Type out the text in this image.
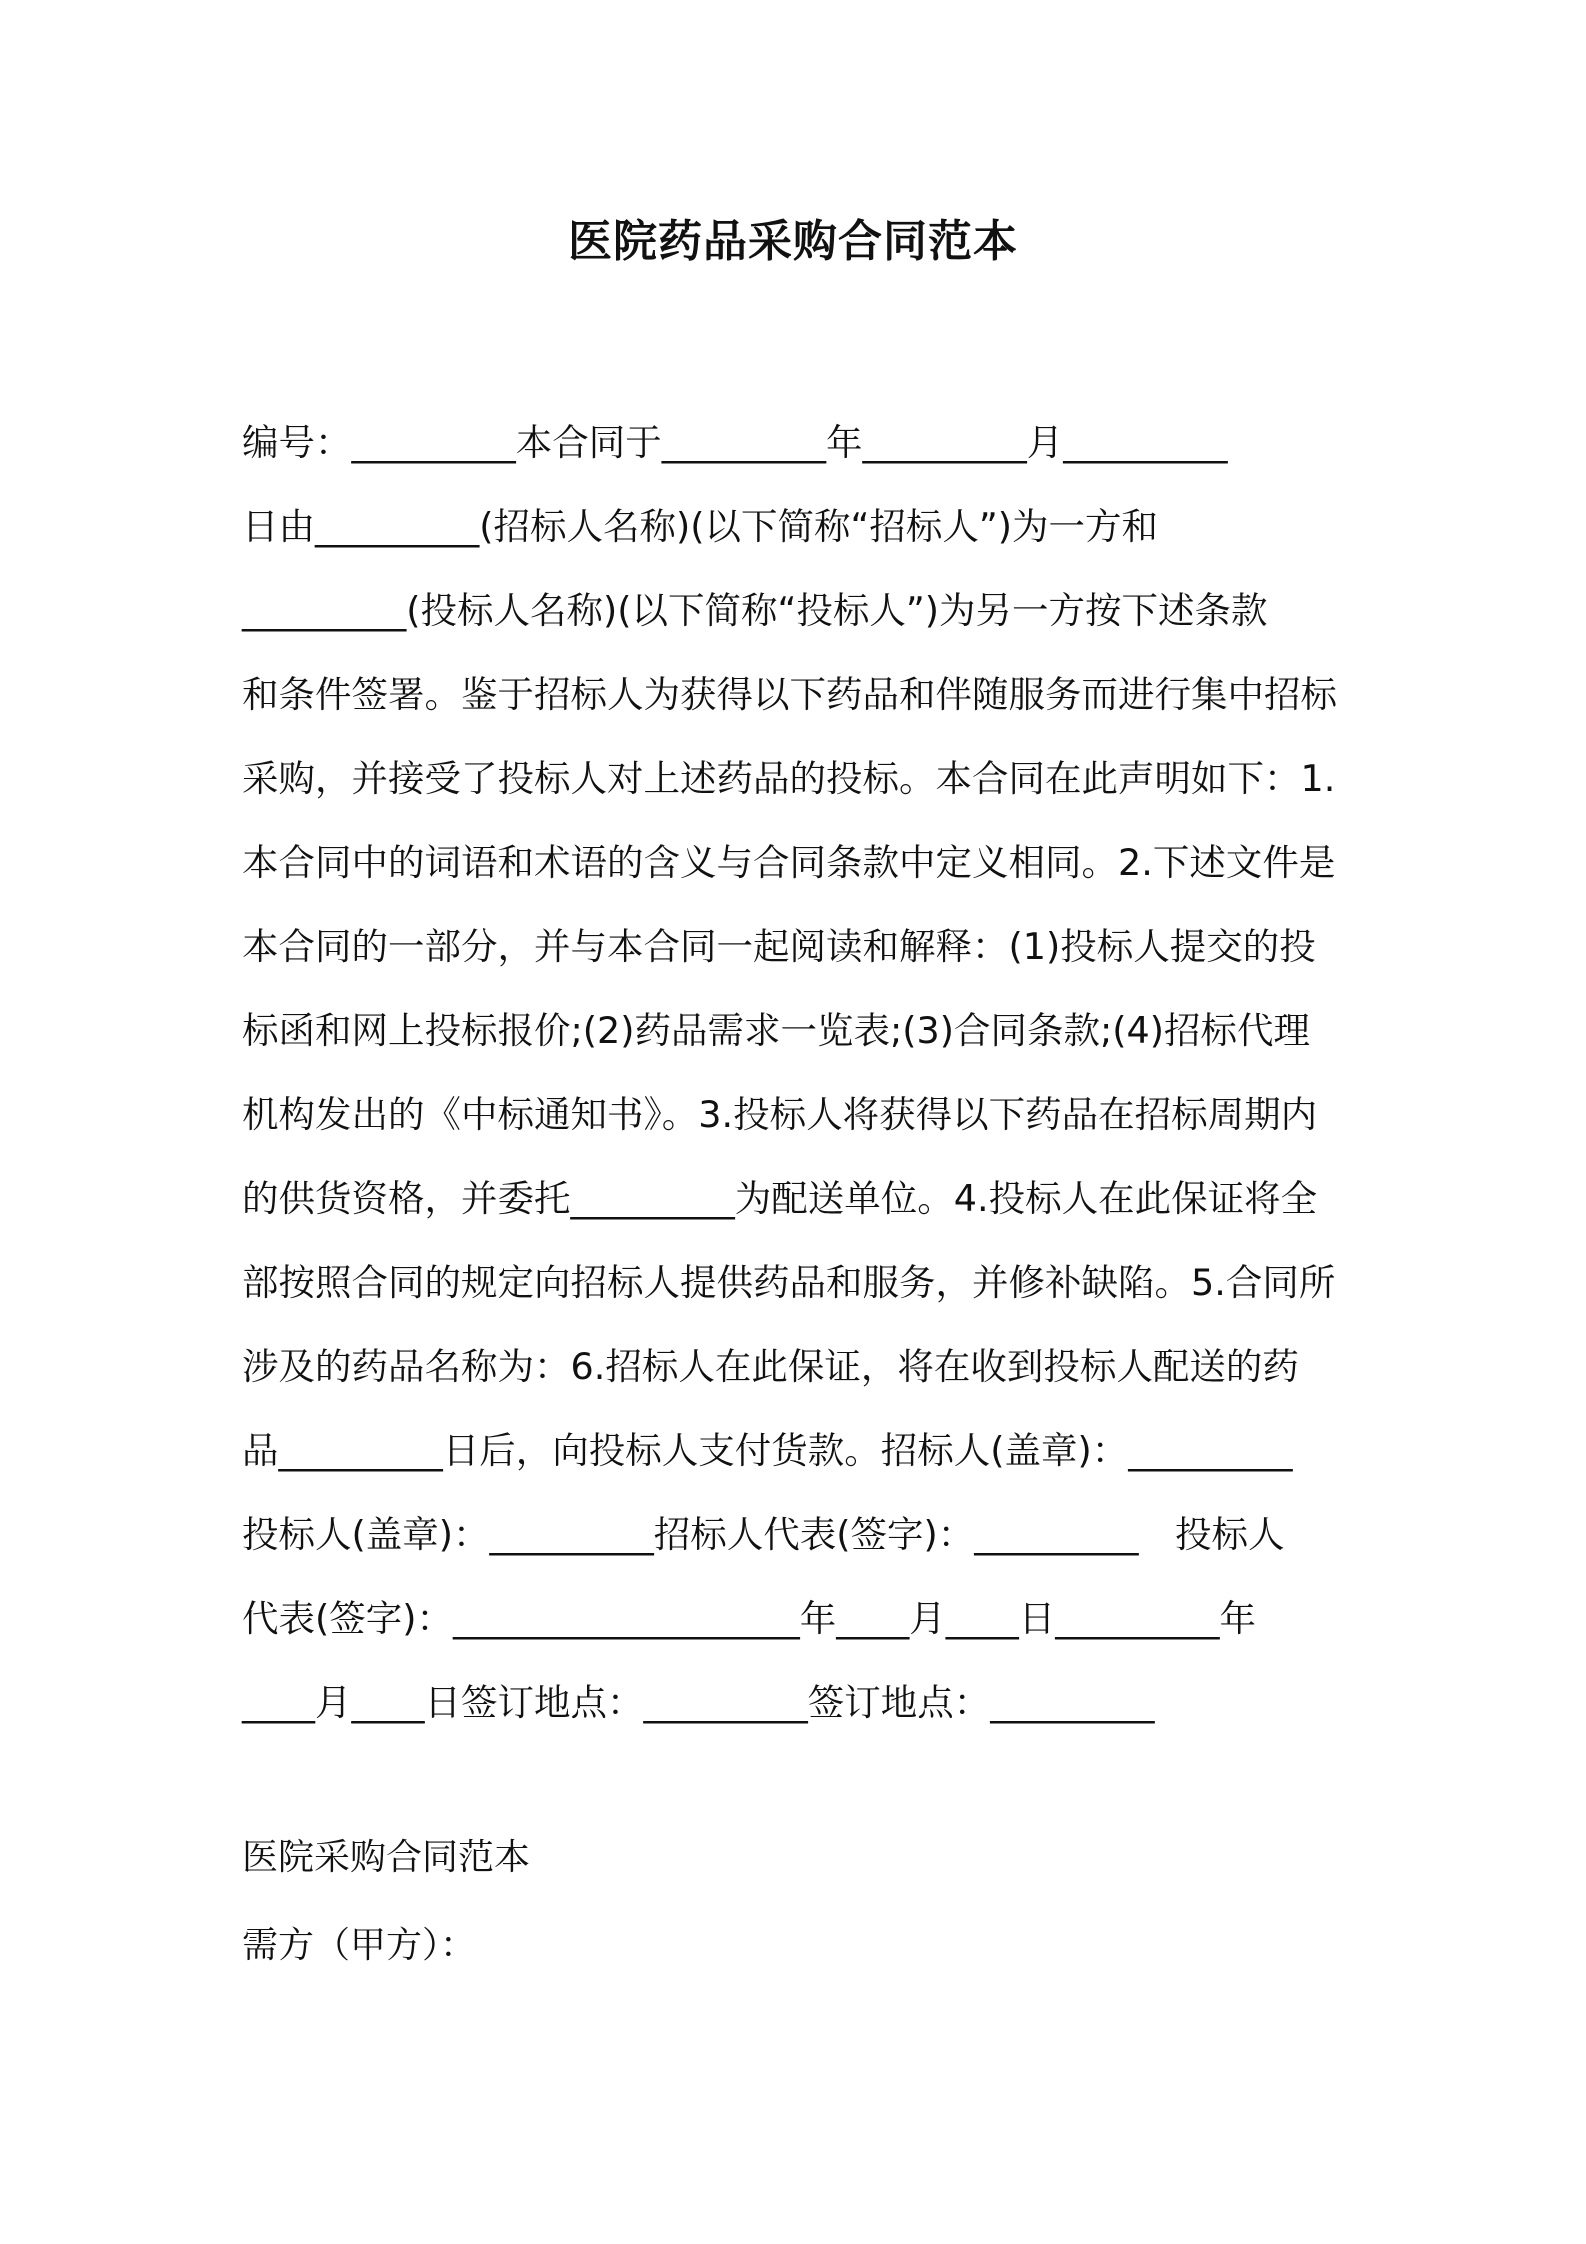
医院药品采购合同范本
编号：_________本合同于_________年_________月_________
日由_________(招标人名称)(以下简称“招标人”)为一方和
_________(投标人名称)(以下简称“投标人”)为另一方按下述条款
和条件签署。鉴于招标人为获得以下药品和伴随服务而进行集中招标
采购，并接受了投标人对上述药品的投标。本合同在此声明如下：1.
本合同中的词语和术语的含义与合同条款中定义相同。2.下述文件是
本合同的一部分，并与本合同一起阅读和解释：(1)投标人提交的投
标函和网上投标报价;(2)药品需求一览表;(3)合同条款;(4)招标代理
机构发出的《中标通知书》。3.投标人将获得以下药品在招标周期内
的供货资格，并委托_________为配送单位。4.投标人在此保证将全
部按照合同的规定向招标人提供药品和服务，并修补缺陷。5.合同所
涉及的药品名称为：6.招标人在此保证，将在收到投标人配送的药
品_________日后，向投标人支付货款。招标人(盖章)：_________
投标人(盖章)：_________招标人代表(签字)：_________　投标人
代表(签字)：___________________年____月____日_________年
____月____日签订地点：_________签订地点：_________
医院采购合同范本
需方（甲方）：
